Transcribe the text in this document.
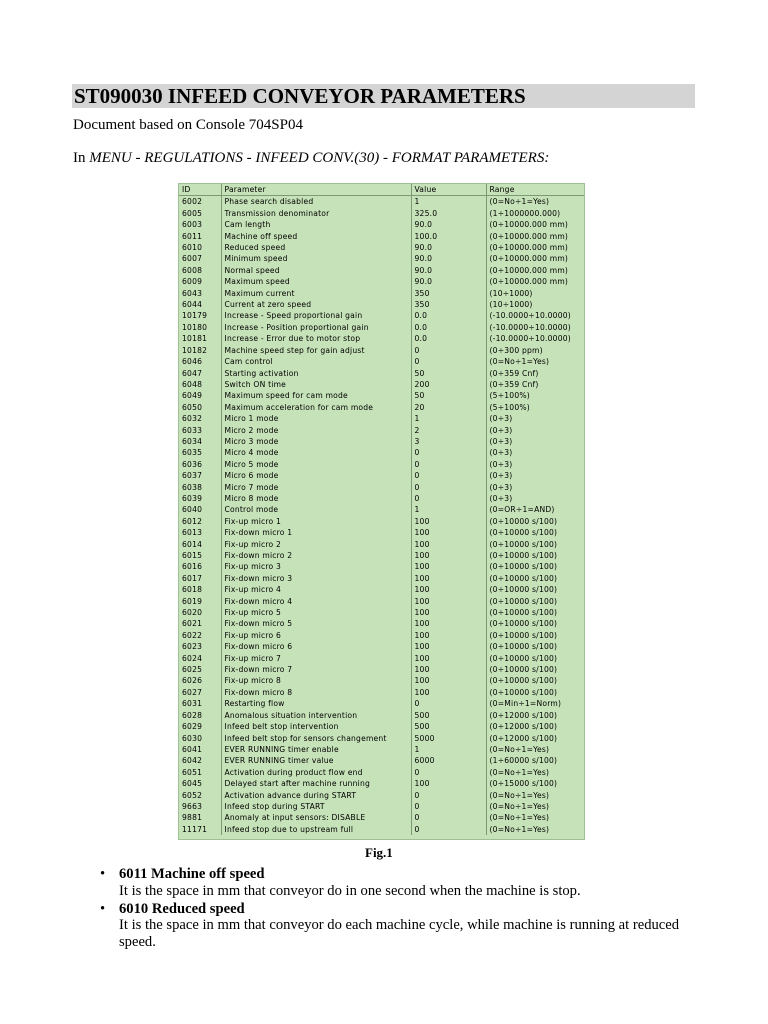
ST090030 INFEED CONVEYOR PARAMETERS
Document based on Console 704SP04
In MENU - REGULATIONS - INFEED CONV.(30) - FORMAT PARAMETERS:
ID	Parameter	Value	Range
6002	Phase search disabled	1	(0=No÷1=Yes)
6005	Transmission denominator	325.0	(1÷1000000.000)
6003	Cam length	90.0	(0÷10000.000 mm)
6011	Machine off speed	100.0	(0÷10000.000 mm)
6010	Reduced speed	90.0	(0÷10000.000 mm)
6007	Minimum speed	90.0	(0÷10000.000 mm)
6008	Normal speed	90.0	(0÷10000.000 mm)
6009	Maximum speed	90.0	(0÷10000.000 mm)
6043	Maximum current	350	(10÷1000)
6044	Current at zero speed	350	(10÷1000)
10179	Increase - Speed proportional gain	0.0	(-10.0000÷10.0000)
10180	Increase - Position proportional gain	0.0	(-10.0000÷10.0000)
10181	Increase - Error due to motor stop	0.0	(-10.0000÷10.0000)
10182	Machine speed step for gain adjust	0	(0÷300 ppm)
6046	Cam control	0	(0=No÷1=Yes)
6047	Starting activation	50	(0÷359 Cnf)
6048	Switch ON time	200	(0÷359 Cnf)
6049	Maximum speed for cam mode	50	(5÷100%)
6050	Maximum acceleration for cam mode	20	(5÷100%)
6032	Micro 1 mode	1	(0÷3)
6033	Micro 2 mode	2	(0÷3)
6034	Micro 3 mode	3	(0÷3)
6035	Micro 4 mode	0	(0÷3)
6036	Micro 5 mode	0	(0÷3)
6037	Micro 6 mode	0	(0÷3)
6038	Micro 7 mode	0	(0÷3)
6039	Micro 8 mode	0	(0÷3)
6040	Control mode	1	(0=OR÷1=AND)
6012	Fix-up micro 1	100	(0÷10000 s/100)
6013	Fix-down micro 1	100	(0÷10000 s/100)
6014	Fix-up micro 2	100	(0÷10000 s/100)
6015	Fix-down micro 2	100	(0÷10000 s/100)
6016	Fix-up micro 3	100	(0÷10000 s/100)
6017	Fix-down micro 3	100	(0÷10000 s/100)
6018	Fix-up micro 4	100	(0÷10000 s/100)
6019	Fix-down micro 4	100	(0÷10000 s/100)
6020	Fix-up micro 5	100	(0÷10000 s/100)
6021	Fix-down micro 5	100	(0÷10000 s/100)
6022	Fix-up micro 6	100	(0÷10000 s/100)
6023	Fix-down micro 6	100	(0÷10000 s/100)
6024	Fix-up micro 7	100	(0÷10000 s/100)
6025	Fix-down micro 7	100	(0÷10000 s/100)
6026	Fix-up micro 8	100	(0÷10000 s/100)
6027	Fix-down micro 8	100	(0÷10000 s/100)
6031	Restarting flow	0	(0=Min÷1=Norm)
6028	Anomalous situation intervention	500	(0÷12000 s/100)
6029	Infeed belt stop intervention	500	(0÷12000 s/100)
6030	Infeed belt stop for sensors changement	5000	(0÷12000 s/100)
6041	EVER RUNNING timer enable	1	(0=No÷1=Yes)
6042	EVER RUNNING timer value	6000	(1÷60000 s/100)
6051	Activation during product flow end	0	(0=No÷1=Yes)
6045	Delayed start after machine running	100	(0÷15000 s/100)
6052	Activation advance during START	0	(0=No÷1=Yes)
9663	Infeed stop during START	0	(0=No÷1=Yes)
9881	Anomaly at input sensors: DISABLE	0	(0=No÷1=Yes)
11171	Infeed stop due to upstream full	0	(0=No÷1=Yes)
Fig.1
• 6011 Machine off speed
It is the space in mm that conveyor do in one second when the machine is stop.
• 6010 Reduced speed
It is the space in mm that conveyor do each machine cycle, while machine is running at reduced speed.
